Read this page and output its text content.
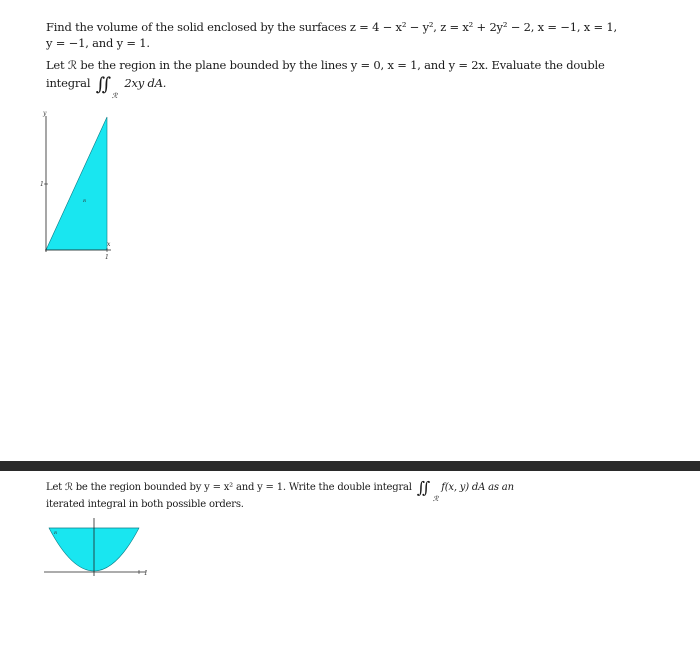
Find the volume of the solid enclosed by the surfaces z = 4 − x² − y², z = x² + 2y² − 2, x = −1, x = 1,
y = −1, and y = 1.
Let ℛ be the region in the plane bounded by the lines y = 0, x = 1, and y = 2x. Evaluate the double
integral ∬
ℛ
2xy dA.
y
x
1
1
R
Let ℛ be the region bounded by y = x² and y = 1. Write the double integral ∬
ℛ
f(x, y) dA as an
iterated integral in both possible orders.
1
R
